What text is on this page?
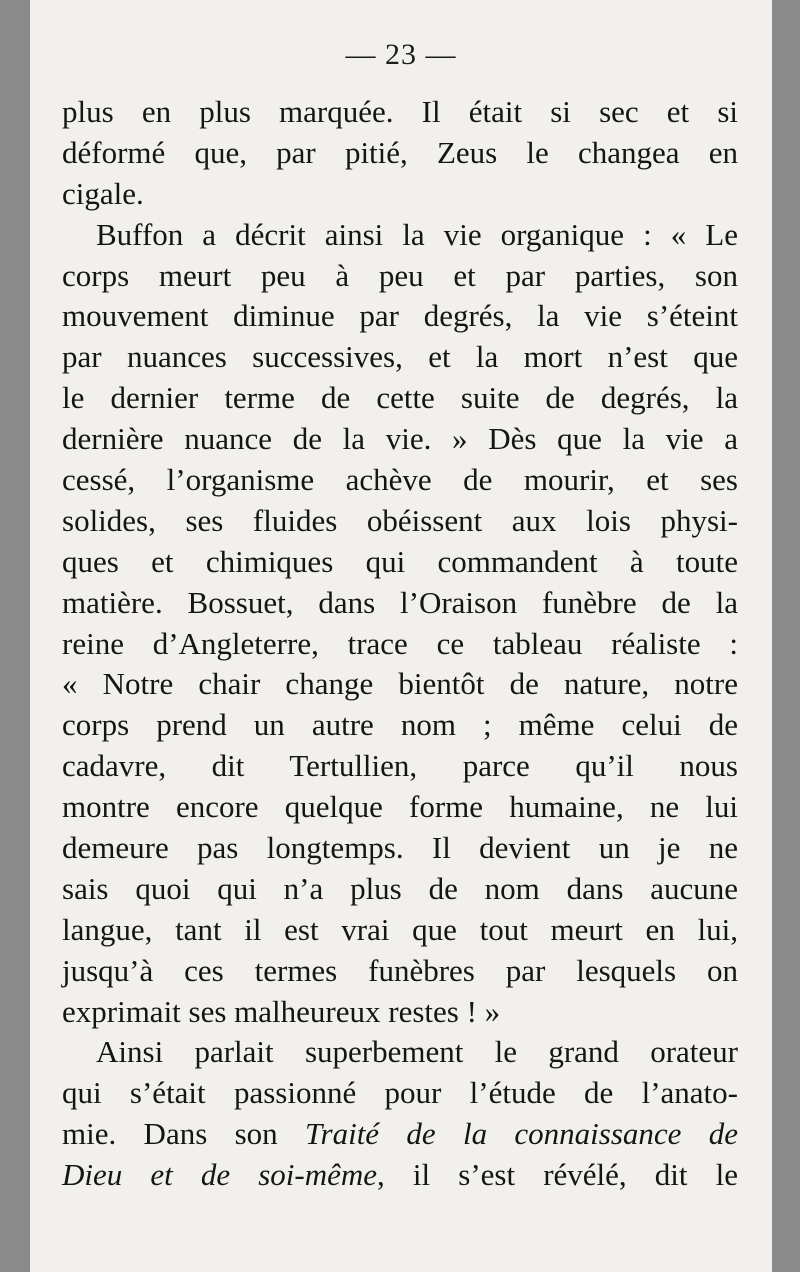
— 23 —
plus en plus marquée. Il était si sec et si
déformé que, par pitié, Zeus le changea en
cigale.
Buffon a décrit ainsi la vie organique : « Le
corps meurt peu à peu et par parties, son
mouvement diminue par degrés, la vie s’éteint
par nuances successives, et la mort n’est que
le dernier terme de cette suite de degrés, la
dernière nuance de la vie. » Dès que la vie a
cessé, l’organisme achève de mourir, et ses
solides, ses fluides obéissent aux lois physi-
ques et chimiques qui commandent à toute
matière. Bossuet, dans l’Oraison funèbre de la
reine d’Angleterre, trace ce tableau réaliste :
« Notre chair change bientôt de nature, notre
corps prend un autre nom ; même celui de
cadavre, dit Tertullien, parce qu’il nous
montre encore quelque forme humaine, ne lui
demeure pas longtemps. Il devient un je ne
sais quoi qui n’a plus de nom dans aucune
langue, tant il est vrai que tout meurt en lui,
jusqu’à ces termes funèbres par lesquels on
exprimait ses malheureux restes ! »
Ainsi parlait superbement le grand orateur
qui s’était passionné pour l’étude de l’anato-
mie. Dans son Traité de la connaissance de
Dieu et de soi-même, il s’est révélé, dit le
